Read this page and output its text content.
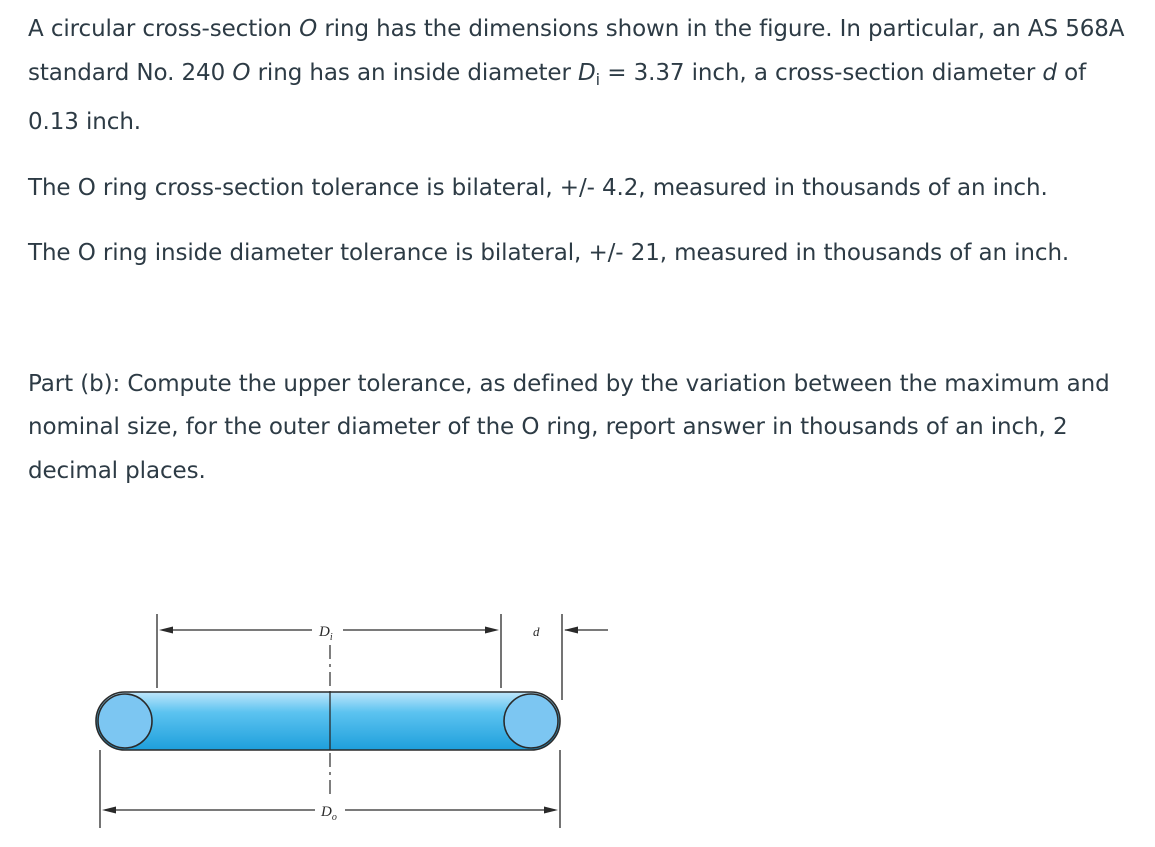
A circular cross-section O ring has the dimensions shown in the figure. In particular, an AS 568A standard No. 240 O ring has an inside diameter $D_i = 3.37$ inch, a cross-section diameter d of 0.13 inch.

The O ring cross-section tolerance is bilateral, +/- 4.2, measured in thousands of an inch.

The O ring inside diameter tolerance is bilateral, +/- 21, measured in thousands of an inch.

Part (b): Compute the upper tolerance, as defined by the variation between the maximum and nominal size, for the outer diameter of the O ring, report answer in thousands of an inch, 2 decimal places.

$D_i$	d
$D_o$
